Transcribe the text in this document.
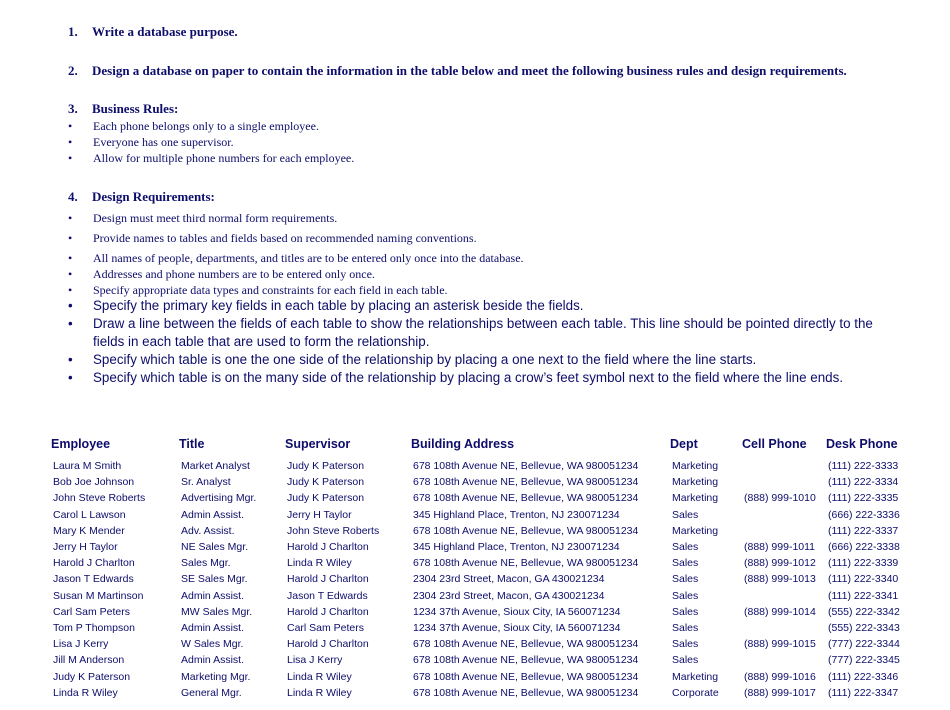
1. Write a database purpose.
2. Design a database on paper to contain the information in the table below and meet the following business rules and design requirements.
3. Business Rules:
• Each phone belongs only to a single employee.
• Everyone has one supervisor.
• Allow for multiple phone numbers for each employee.
4. Design Requirements:
• Design must meet third normal form requirements.
• Provide names to tables and fields based on recommended naming conventions.
• All names of people, departments, and titles are to be entered only once into the database.
• Addresses and phone numbers are to be entered only once.
• Specify appropriate data types and constraints for each field in each table.
• Specify the primary key fields in each table by placing an asterisk beside the fields.
• Draw a line between the fields of each table to show the relationships between each table. This line should be pointed directly to the fields in each table that are used to form the relationship.
• Specify which table is one the one side of the relationship by placing a one next to the field where the line starts.
• Specify which table is on the many side of the relationship by placing a crow’s feet symbol next to the field where the line ends.
Employee	Title	Supervisor	Building Address	Dept	Cell Phone	Desk Phone
Laura M Smith	Market Analyst	Judy K Paterson	678 108th Avenue NE, Bellevue, WA 980051234	Marketing		(111) 222-3333
Bob Joe Johnson	Sr. Analyst	Judy K Paterson	678 108th Avenue NE, Bellevue, WA 980051234	Marketing		(111) 222-3334
John Steve Roberts	Advertising Mgr.	Judy K Paterson	678 108th Avenue NE, Bellevue, WA 980051234	Marketing	(888) 999-1010	(111) 222-3335
Carol L Lawson	Admin Assist.	Jerry H Taylor	345 Highland Place, Trenton, NJ 230071234	Sales		(666) 222-3336
Mary K Mender	Adv. Assist.	John Steve Roberts	678 108th Avenue NE, Bellevue, WA 980051234	Marketing		(111) 222-3337
Jerry H Taylor	NE Sales Mgr.	Harold J Charlton	345 Highland Place, Trenton, NJ 230071234	Sales	(888) 999-1011	(666) 222-3338
Harold J Charlton	Sales Mgr.	Linda R Wiley	678 108th Avenue NE, Bellevue, WA 980051234	Sales	(888) 999-1012	(111) 222-3339
Jason T Edwards	SE Sales Mgr.	Harold J Charlton	2304 23rd Street, Macon, GA 430021234	Sales	(888) 999-1013	(111) 222-3340
Susan M Martinson	Admin Assist.	Jason T Edwards	2304 23rd Street, Macon, GA 430021234	Sales		(111) 222-3341
Carl Sam Peters	MW Sales Mgr.	Harold J Charlton	1234 37th Avenue, Sioux City, IA 560071234	Sales	(888) 999-1014	(555) 222-3342
Tom P Thompson	Admin Assist.	Carl Sam Peters	1234 37th Avenue, Sioux City, IA 560071234	Sales		(555) 222-3343
Lisa J Kerry	W Sales Mgr.	Harold J Charlton	678 108th Avenue NE, Bellevue, WA 980051234	Sales	(888) 999-1015	(777) 222-3344
Jill M Anderson	Admin Assist.	Lisa J Kerry	678 108th Avenue NE, Bellevue, WA 980051234	Sales		(777) 222-3345
Judy K Paterson	Marketing Mgr.	Linda R Wiley	678 108th Avenue NE, Bellevue, WA 980051234	Marketing	(888) 999-1016	(111) 222-3346
Linda R Wiley	General Mgr.	Linda R Wiley	678 108th Avenue NE, Bellevue, WA 980051234	Corporate	(888) 999-1017	(111) 222-3347
